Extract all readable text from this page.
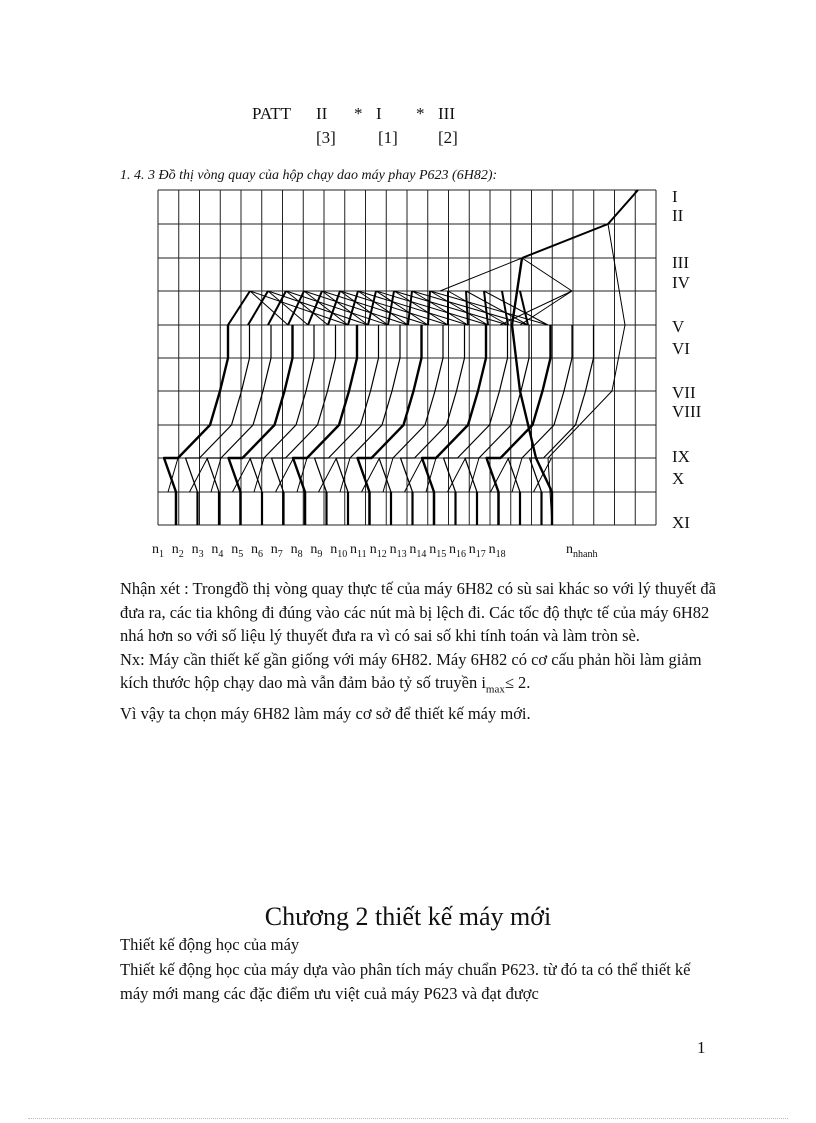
PATT II * I * III
[3] [1] [2]
1. 4. 3 Đồ thị vòng quay của hộp chạy dao máy phay P623 (6H82):
I
II
III
IV
V
VI
VII
VIII
IX
X
XI
$n_1$ $n_2$ $n_3$ $n_4$ $n_5$ $n_6$ $n_7$ $n_8$ $n_9$ $n_{10}$ $n_{11}$ $n_{12}$ $n_{13}$ $n_{14}$ $n_{15}$ $n_{16}$ $n_{17}$ $n_{18}$	$n_{nhanh}$

Nhận xét : Trongđồ thị vòng quay thực tế của máy 6H82 có sù sai khác so với lý thuyết đã đưa ra, các tia không đi đúng vào các nút mà bị lệch đi. Các tốc độ thực tế của máy 6H82 nhá hơn so với số liệu lý thuyết đưa ra vì có sai số khi tính toán và làm tròn sè.

Nx: Máy cần thiết kế gần giống với máy 6H82. Máy 6H82 có cơ cấu phản hồi làm giảm kích thước hộp chạy dao mà vẫn đảm bảo tỷ số truyền $i_{max}\le 2$.

Vì vậy ta chọn máy 6H82 làm máy cơ sở để thiết kế máy mới.

Chương 2 thiết kế máy mới
Thiết kế động học của máy
Thiết kế động học của máy dựa vào phân tích máy chuẩn P623. từ đó ta có thể thiết kế máy mới mang các đặc điểm ưu việt cuả máy P623 và đạt được
1
